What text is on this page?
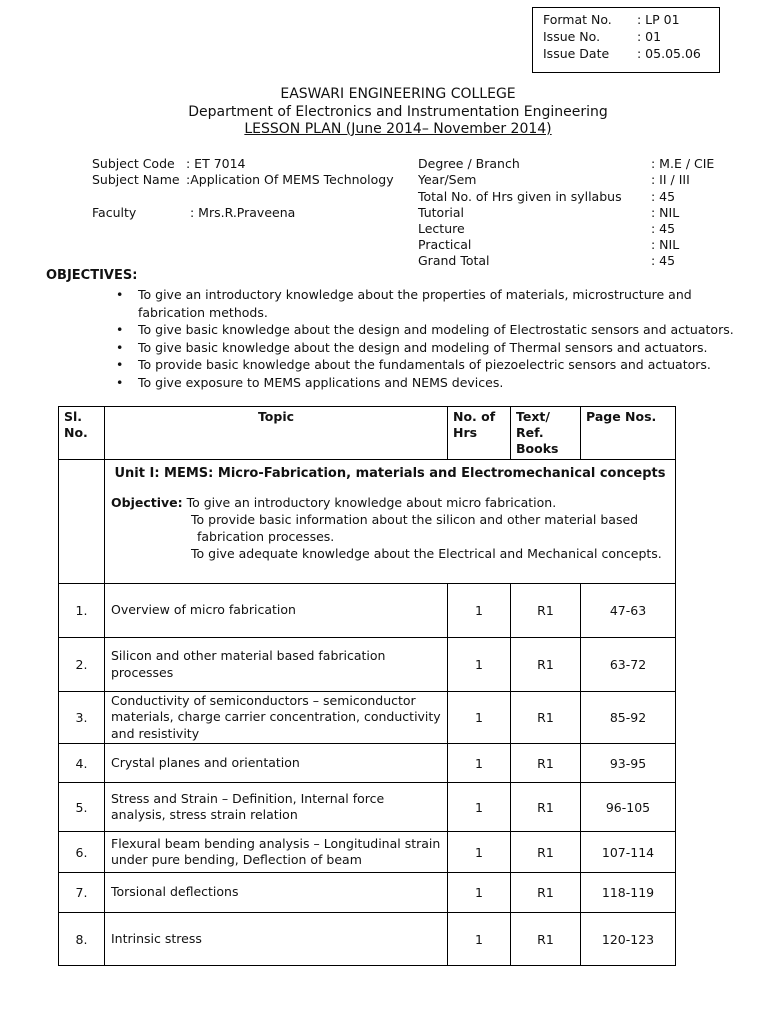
Format No. : LP 01
Issue No.	: 01
Issue Date : 05.05.06
EASWARI ENGINEERING COLLEGE
Department of Electronics and Instrumentation Engineering
LESSON PLAN (June 2014– November 2014)
Subject Code : ET 7014
Subject Name :Application Of MEMS Technology
Faculty	: Mrs.R.Praveena
Degree / Branch	: M.E / CIE
Year/Sem	: II / III
Total No. of Hrs given in syllabus : 45
Tutorial	: NIL
Lecture	: 45
Practical	: NIL
Grand Total	: 45
OBJECTIVES:
• To give an introductory knowledge about the properties of materials, microstructure and fabrication methods.
• To give basic knowledge about the design and modeling of Electrostatic sensors and actuators.
• To give basic knowledge about the design and modeling of Thermal sensors and actuators.
• To provide basic knowledge about the fundamentals of piezoelectric sensors and actuators.
• To give exposure to MEMS applications and NEMS devices.
Sl. No.	Topic	No. of Hrs	Text/ Ref. Books	Page Nos.

	Unit I: MEMS: Micro-Fabrication, materials and Electromechanical concepts
Objective: To give an introductory knowledge about micro fabrication.
To provide basic information about the silicon and other material based
fabrication processes.
To give adequate knowledge about the Electrical and Mechanical concepts.			

1.	Overview of micro fabrication	1	R1	47-63
2.	Silicon and other material based fabrication processes	1	R1	63-72
3.	Conductivity of semiconductors – semiconductor materials, charge carrier concentration, conductivity and resistivity	1	R1	85-92
4.	Crystal planes and orientation	1	R1	93-95
5.	Stress and Strain – Definition, Internal force analysis, stress strain relation	1	R1	96-105
6.	Flexural beam bending analysis – Longitudinal strain under pure bending, Deflection of beam	1	R1	107-114
7.	Torsional deflections	1	R1	118-119
8.	Intrinsic stress	1	R1	120-123
